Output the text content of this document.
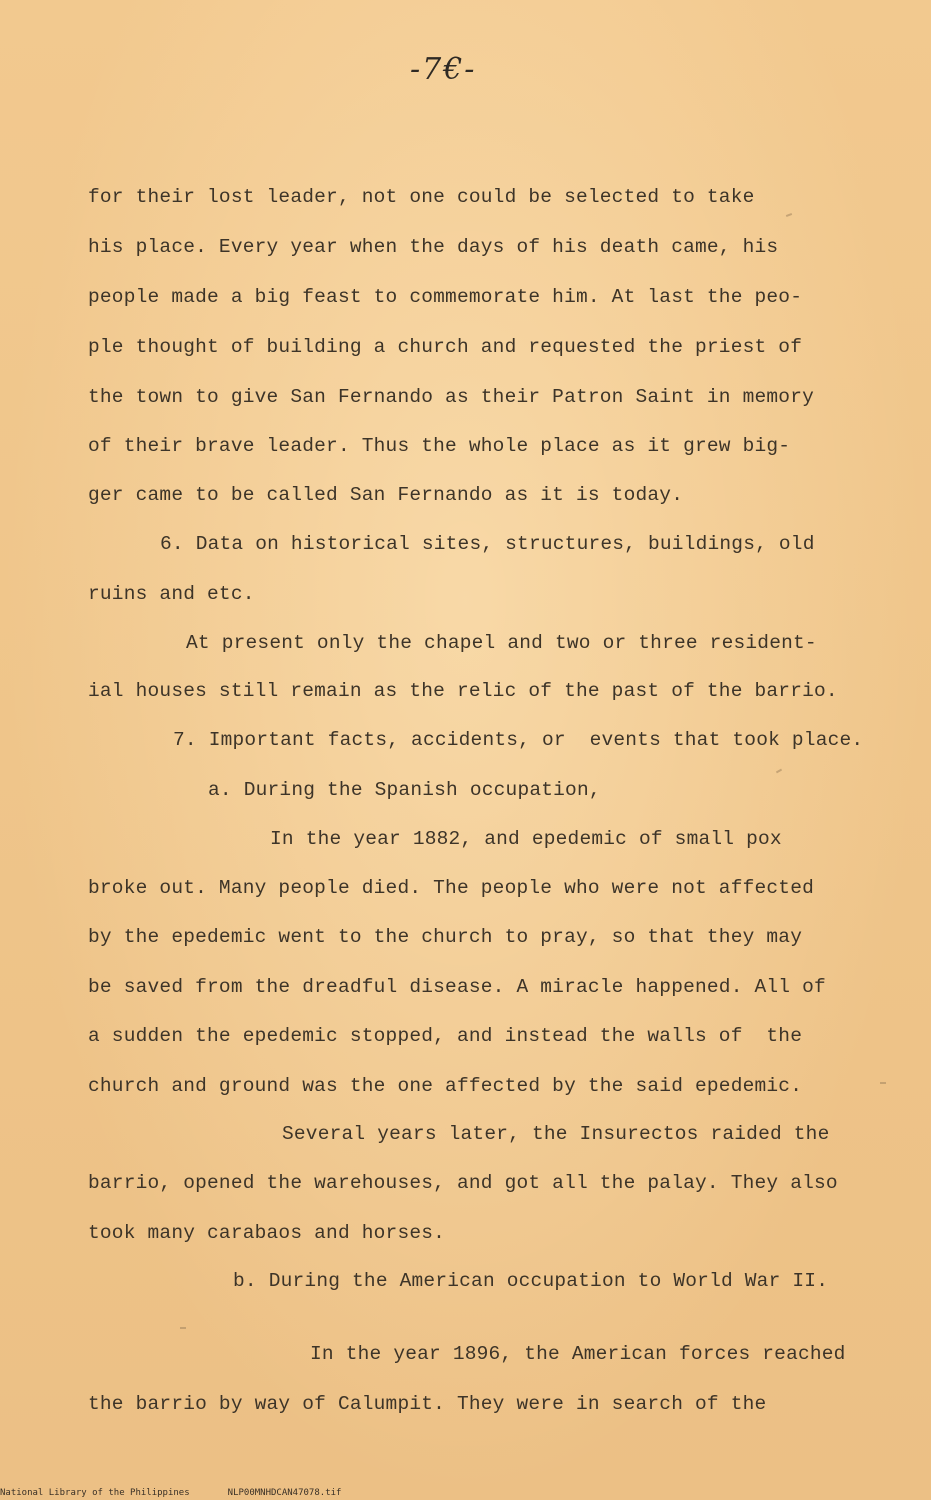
-7€-
for their lost leader, not one could be selected to take
his place. Every year when the days of his death came, his
people made a big feast to commemorate him. At last the peo-
ple thought of building a church and requested the priest of
the town to give San Fernando as their Patron Saint in memory
of their brave leader. Thus the whole place as it grew big-
ger came to be called San Fernando as it is today.
6. Data on historical sites, structures, buildings, old
ruins and etc.
At present only the chapel and two or three resident-
ial houses still remain as the relic of the past of the barrio.
7. Important facts, accidents, or  events that took place.
a. During the Spanish occupation,
In the year 1882, and epedemic of small pox
broke out. Many people died. The people who were not affected
by the epedemic went to the church to pray, so that they may
be saved from the dreadful disease. A miracle happened. All of
a sudden the epedemic stopped, and instead the walls of  the
church and ground was the one affected by the said epedemic.
Several years later, the Insurectos raided the
barrio, opened the warehouses, and got all the palay. They also
took many carabaos and horses.
b. During the American occupation to World War II.
In the year 1896, the American forces reached
the barrio by way of Calumpit. They were in search of the
National Library of the Philippines	NLP00MNHDCAN47078.tif
